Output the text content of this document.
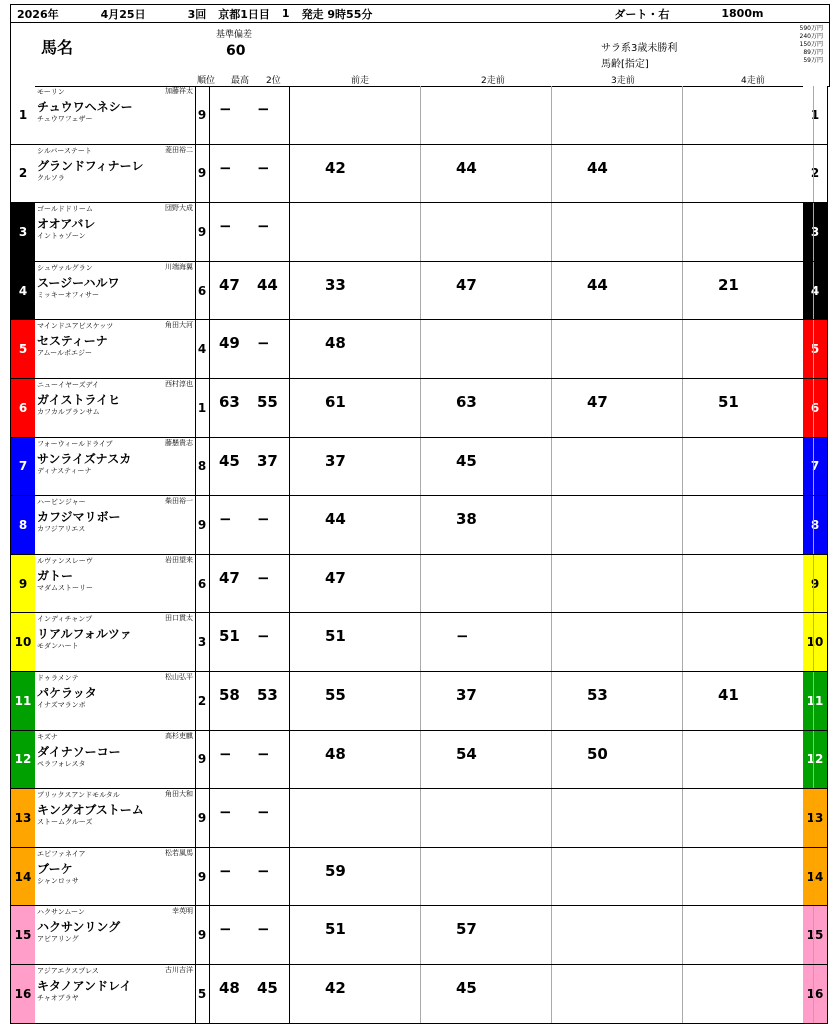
2026年	4月25日	3回	京都1日目	1	発走 9時55分	ダート・右	1800m
馬名
基準偏差
60	サラ系3歳未勝利
馬齢[指定]
順位 最高 2位	前走	2走前	3走前	4走前
590万円
240万円
150万円
89万円
59万円
1	1
モーリン
チュウワヘネシー
チュウワフェザー
加藤祥太
9 − −
2	2
シルバーステート
グランドフィナーレ
クルソラ
菱田裕二
9 − −	42	44	44
3	3
ゴールドドリーム
オオアバレ
イントゥゾーン
団野大成
9 − −
4	4
シュヴァルグラン
スージーハルワ
ミッキーオフィサー
川端海翼
6 47 44	33	47	44	21
5	5
マインドユアビスケッツ
セスティーナ
アムールポエジー
角田大河
4 49 −	48
6	6
ニューイヤーズデイ
ガイストライヒ
カフカルブランサム
西村淳也
1 63 55	61	63	47	51
7	7
フォーウィールドライブ
サンライズナスカ
ディナスティーナ
藤懸貴志
8 45 37	37	45
8	8
ハービンジャー
カフジマリボー
カフジアリエス
柴田裕一
9 − −	44	38
9	9
ルヴァンスレーヴ
ガトー
マダムストーリー
岩田望来
6 47 −	47
10	10
インディチャンプ
リアルフォルツァ
モダンハート
田口貫太
3 51 −	51	−
11	11
ドゥラメンテ
パケラッタ
イナズマランボ
松山弘平
2 58 53	55	37	53	41
12	12
キズナ
ダイナソーコー
ペラフォレスタ
高杉吏麒
9 − −	48	54	50
13	13
ブリックスアンドモルタル
キングオブストーム
ストームクルーズ
角田大和
9 − −
14	14
エピファネイア
ブーケ
シャンロッサ
松若風馬
9 − −	59
15	15
ハクサンムーン
ハクサンリング
アビアリング
幸英明
9 − −	51	57
16	16
アジアエクスプレス
キタノアンドレイ
チャオブラヤ
古川吉洋
5 48 45	42	45
